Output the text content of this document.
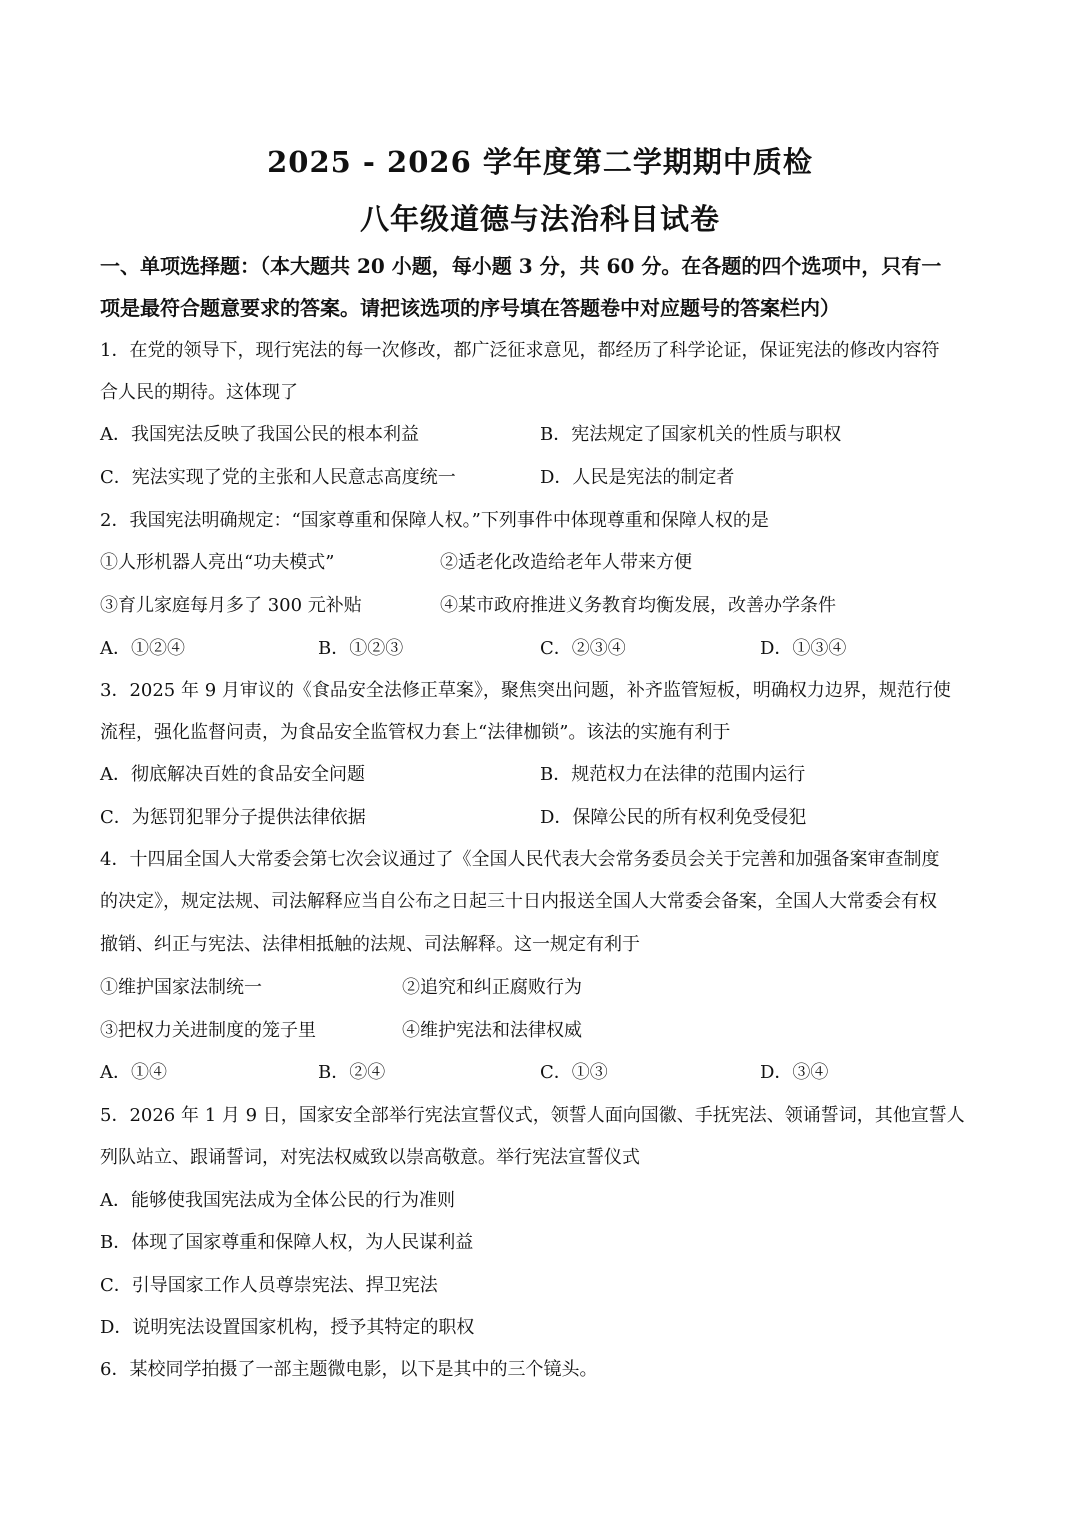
2025 - 2026 学年度第二学期期中质检
八年级道德与法治科目试卷
一、单项选择题：（本大题共 20 小题，每小题 3 分，共 60 分。在各题的四个选项中，只有一
项是最符合题意要求的答案。请把该选项的序号填在答题卷中对应题号的答案栏内）
1．在党的领导下，现行宪法的每一次修改，都广泛征求意见，都经历了科学论证，保证宪法的修改内容符
合人民的期待。这体现了
A．我国宪法反映了我国公民的根本利益	B．宪法规定了国家机关的性质与职权
C．宪法实现了党的主张和人民意志高度统一	D．人民是宪法的制定者
2．我国宪法明确规定：“国家尊重和保障人权。”下列事件中体现尊重和保障人权的是
①人形机器人亮出“功夫模式”	②适老化改造给老年人带来方便
③育儿家庭每月多了 300 元补贴	④某市政府推进义务教育均衡发展，改善办学条件
A．①②④	B．①②③	C．②③④	D．①③④
3．2025 年 9 月审议的《食品安全法修正草案》，聚焦突出问题，补齐监管短板，明确权力边界，规范行使
流程，强化监督问责，为食品安全监管权力套上“法律枷锁”。该法的实施有利于
A．彻底解决百姓的食品安全问题	B．规范权力在法律的范围内运行
C．为惩罚犯罪分子提供法律依据	D．保障公民的所有权利免受侵犯
4．十四届全国人大常委会第七次会议通过了《全国人民代表大会常务委员会关于完善和加强备案审查制度
的决定》，规定法规、司法解释应当自公布之日起三十日内报送全国人大常委会备案，全国人大常委会有权
撤销、纠正与宪法、法律相抵触的法规、司法解释。这一规定有利于
①维护国家法制统一	②追究和纠正腐败行为
③把权力关进制度的笼子里	④维护宪法和法律权威
A．①④	B．②④	C．①③	D．③④
5．2026 年 1 月 9 日，国家安全部举行宪法宣誓仪式，领誓人面向国徽、手抚宪法、领诵誓词，其他宣誓人
列队站立、跟诵誓词，对宪法权威致以崇高敬意。举行宪法宣誓仪式
A．能够使我国宪法成为全体公民的行为准则
B．体现了国家尊重和保障人权，为人民谋利益
C．引导国家工作人员尊崇宪法、捍卫宪法
D．说明宪法设置国家机构，授予其特定的职权
6．某校同学拍摄了一部主题微电影，以下是其中的三个镜头。
